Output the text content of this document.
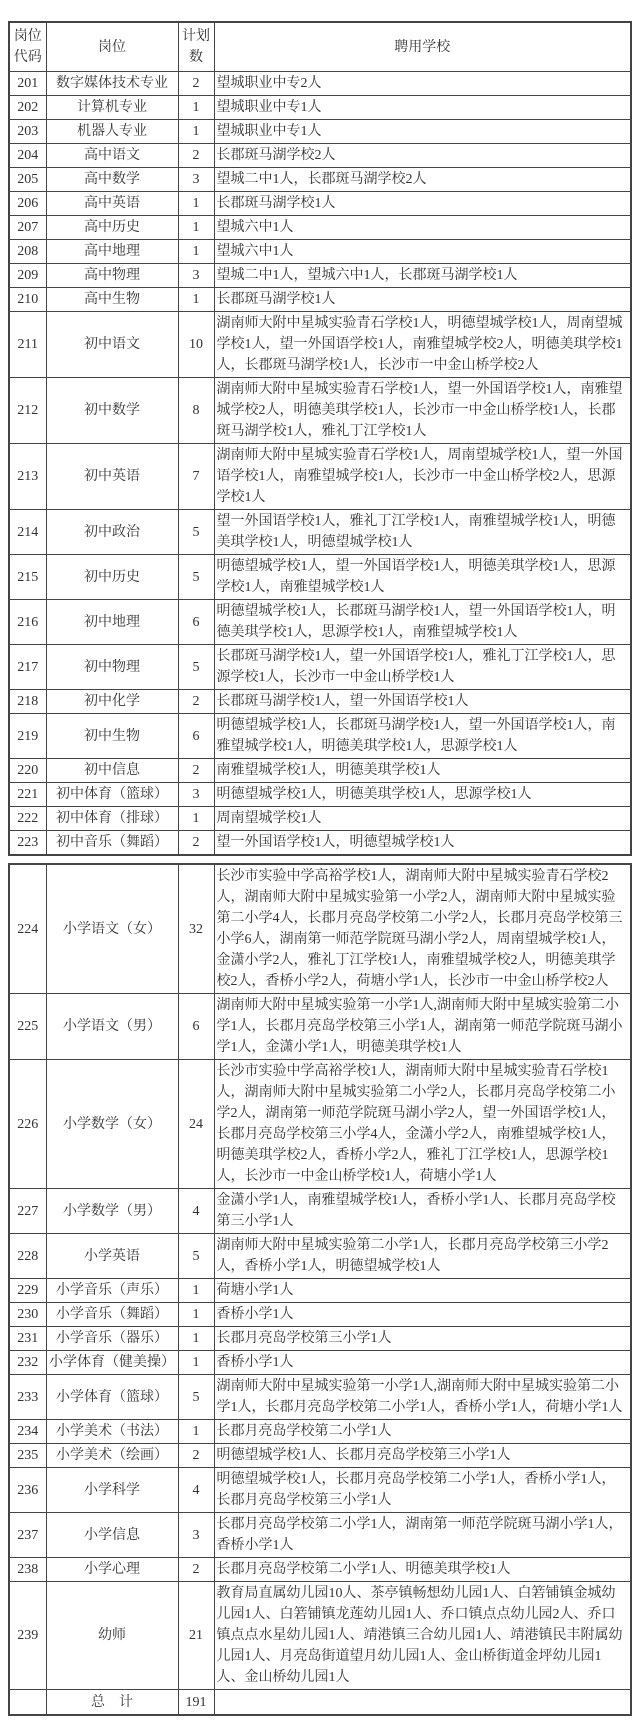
岗位代码	岗位	计划数	聘用学校
201	数字媒体技术专业	2	望城职业中专2人
202	计算机专业	1	望城职业中专1人
203	机器人专业	1	望城职业中专1人
204	高中语文	2	长郡斑马湖学校2人
205	高中数学	3	望城二中1人，长郡斑马湖学校2人
206	高中英语	1	长郡斑马湖学校1人
207	高中历史	1	望城六中1人
208	高中地理	1	望城六中1人
209	高中物理	3	望城二中1人，望城六中1人，长郡斑马湖学校1人
210	高中生物	1	长郡斑马湖学校1人
211	初中语文	10	湖南师大附中星城实验青石学校1人，明德望城学校1人，周南望城学校1人，望一外国语学校1人，南雅望城学校2人，明德美琪学校1人，长郡斑马湖学校1人，长沙市一中金山桥学校2人
212	初中数学	8	湖南师大附中星城实验青石学校1人，望一外国语学校1人，南雅望城学校2人，明德美琪学校1人，长沙市一中金山桥学校1人，长郡斑马湖学校1人，雅礼丁江学校1人
213	初中英语	7	湖南师大附中星城实验青石学校1人，周南望城学校1人，望一外国语学校1人，南雅望城学校1人，长沙市一中金山桥学校2人，思源学校1人
214	初中政治	5	望一外国语学校1人，雅礼丁江学校1人，南雅望城学校1人，明德美琪学校1人，明德望城学校1人
215	初中历史	5	明德望城学校1人，望一外国语学校1人，明德美琪学校1人，思源学校1人，南雅望城学校1人
216	初中地理	6	明德望城学校1人，长郡斑马湖学校1人，望一外国语学校1人，明德美琪学校1人，思源学校1人，南雅望城学校1人
217	初中物理	5	长郡斑马湖学校1人，望一外国语学校1人，雅礼丁江学校1人，思源学校1人，长沙市一中金山桥学校1人
218	初中化学	2	长郡斑马湖学校1人，望一外国语学校1人
219	初中生物	6	明德望城学校1人，长郡斑马湖学校1人，望一外国语学校1人，南雅望城学校1人，明德美琪学校1人，思源学校1人
220	初中信息	2	南雅望城学校1人，明德美琪学校1人
221	初中体育（篮球）	3	明德望城学校1人，明德美琪学校1人，思源学校1人
222	初中体育（排球）	1	周南望城学校1人
223	初中音乐（舞蹈）	2	望一外国语学校1人，明德望城学校1人
224	小学语文（女）	32	长沙市实验中学高裕学校1人，湖南师大附中星城实验青石学校2人，湖南师大附中星城实验第一小学2人，湖南师大附中星城实验第二小学4人，长郡月亮岛学校第二小学2人，长郡月亮岛学校第三小学6人，湖南第一师范学院斑马湖小学2人，周南望城学校1人，金潇小学2人，雅礼丁江学校1人，南雅望城学校2人，明德美琪学校2人，香桥小学2人，荷塘小学1人，长沙市一中金山桥学校2人
225	小学语文（男）	6	湖南师大附中星城实验第一小学1人,湖南师大附中星城实验第二小学1人，长郡月亮岛学校第三小学1人，湖南第一师范学院斑马湖小学1人，金潇小学1人，明德美琪学校1人
226	小学数学（女）	24	长沙市实验中学高裕学校1人，湖南师大附中星城实验青石学校1人，湖南师大附中星城实验第二小学2人，长郡月亮岛学校第二小学2人，湖南第一师范学院斑马湖小学2人，望一外国语学校1人，长郡月亮岛学校第三小学4人，金潇小学2人，南雅望城学校1人，明德美琪学校2人，香桥小学2人，雅礼丁江学校1人，思源学校1人，长沙市一中金山桥学校1人，荷塘小学1人
227	小学数学（男）	4	金潇小学1人，南雅望城学校1人，香桥小学1人、长郡月亮岛学校第三小学1人
228	小学英语	5	湖南师大附中星城实验第二小学1人，长郡月亮岛学校第三小学2人，香桥小学1人，明德望城学校1人
229	小学音乐（声乐）	1	荷塘小学1人
230	小学音乐（舞蹈）	1	香桥小学1人
231	小学音乐（器乐）	1	长郡月亮岛学校第三小学1人
232	小学体育（健美操）	1	香桥小学1人
233	小学体育（篮球）	5	湖南师大附中星城实验第一小学1人,湖南师大附中星城实验第二小学1人，长郡月亮岛学校第二小学1人，香桥小学1人，荷塘小学1人
234	小学美术（书法）	1	长郡月亮岛学校第二小学1人
235	小学美术（绘画）	2	明德望城学校1人、长郡月亮岛学校第三小学1人
236	小学科学	4	明德望城学校1人，长郡月亮岛学校第二小学1人，香桥小学1人，长郡月亮岛学校第三小学1人
237	小学信息	3	长郡月亮岛学校第二小学1人，湖南第一师范学院斑马湖小学1人，香桥小学1人
238	小学心理	2	长郡月亮岛学校第二小学1人、明德美琪学校1人
239	幼师	21	教育局直属幼儿园10人、茶亭镇畅想幼儿园1人、白箬铺镇金城幼儿园1人、白箬铺镇龙莲幼儿园1人、乔口镇点点幼儿园2人、乔口镇点点水星幼儿园1人、靖港镇三合幼儿园1人、靖港镇民丰附属幼儿园1人、月亮岛街道望月幼儿园1人、金山桥街道金坪幼儿园1人、金山桥幼儿园1人
	总　计	191	
